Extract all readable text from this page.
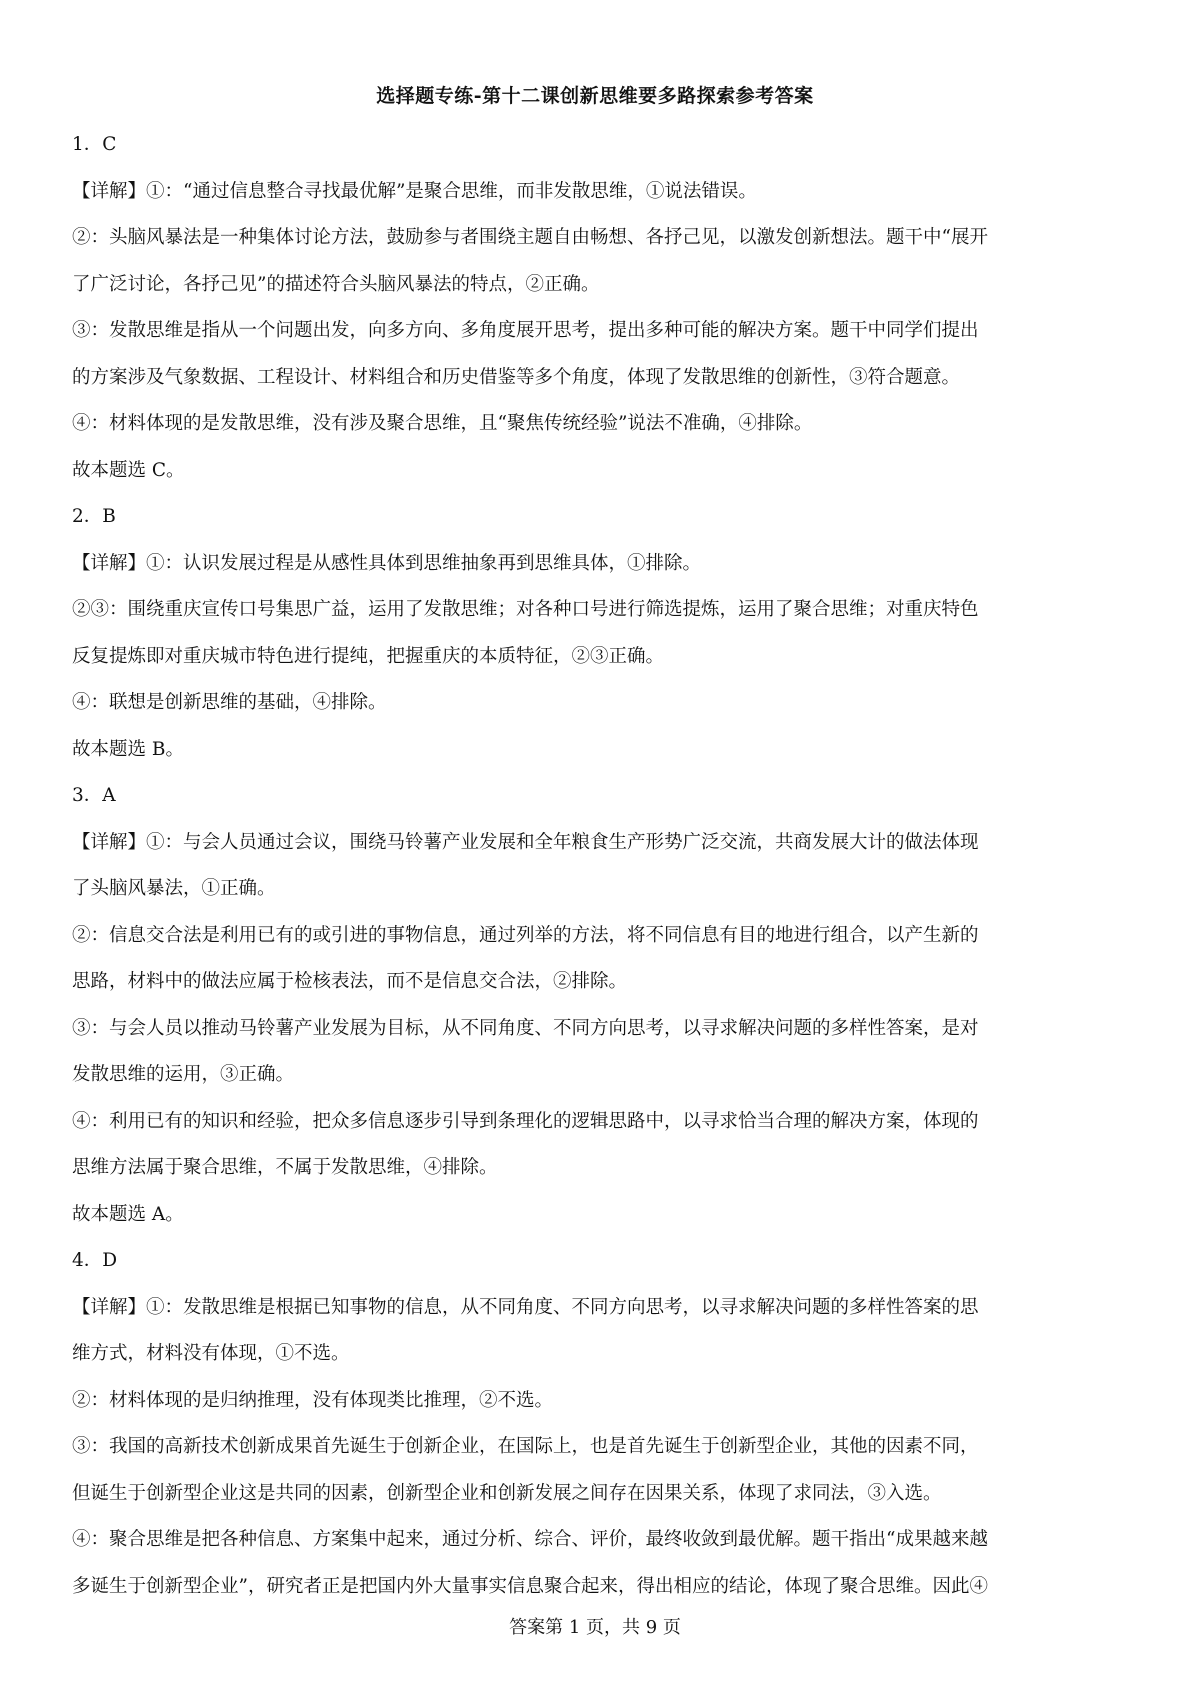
选择题专练-第十二课创新思维要多路探索参考答案
1．C
【详解】①：“通过信息整合寻找最优解”是聚合思维，而非发散思维，①说法错误。
②：头脑风暴法是一种集体讨论方法，鼓励参与者围绕主题自由畅想、各抒己见，以激发创新想法。题干中“展开
了广泛讨论，各抒己见”的描述符合头脑风暴法的特点，②正确。
③：发散思维是指从一个问题出发，向多方向、多角度展开思考，提出多种可能的解决方案。题干中同学们提出
的方案涉及气象数据、工程设计、材料组合和历史借鉴等多个角度，体现了发散思维的创新性，③符合题意。
④：材料体现的是发散思维，没有涉及聚合思维，且“聚焦传统经验”说法不准确，④排除。
故本题选 C。
2．B
【详解】①：认识发展过程是从感性具体到思维抽象再到思维具体，①排除。
②③：围绕重庆宣传口号集思广益，运用了发散思维；对各种口号进行筛选提炼，运用了聚合思维；对重庆特色
反复提炼即对重庆城市特色进行提纯，把握重庆的本质特征，②③正确。
④：联想是创新思维的基础，④排除。
故本题选 B。
3．A
【详解】①：与会人员通过会议，围绕马铃薯产业发展和全年粮食生产形势广泛交流，共商发展大计的做法体现
了头脑风暴法，①正确。
②：信息交合法是利用已有的或引进的事物信息，通过列举的方法，将不同信息有目的地进行组合，以产生新的
思路，材料中的做法应属于检核表法，而不是信息交合法，②排除。
③：与会人员以推动马铃薯产业发展为目标，从不同角度、不同方向思考，以寻求解决问题的多样性答案，是对
发散思维的运用，③正确。
④：利用已有的知识和经验，把众多信息逐步引导到条理化的逻辑思路中，以寻求恰当合理的解决方案，体现的
思维方法属于聚合思维，不属于发散思维，④排除。
故本题选 A。
4．D
【详解】①：发散思维是根据已知事物的信息，从不同角度、不同方向思考，以寻求解决问题的多样性答案的思
维方式，材料没有体现，①不选。
②：材料体现的是归纳推理，没有体现类比推理，②不选。
③：我国的高新技术创新成果首先诞生于创新企业，在国际上，也是首先诞生于创新型企业，其他的因素不同，
但诞生于创新型企业这是共同的因素，创新型企业和创新发展之间存在因果关系，体现了求同法，③入选。
④：聚合思维是把各种信息、方案集中起来，通过分析、综合、评价，最终收敛到最优解。题干指出“成果越来越
多诞生于创新型企业”，研究者正是把国内外大量事实信息聚合起来，得出相应的结论，体现了聚合思维。因此④
答案第 1 页，共 9 页
